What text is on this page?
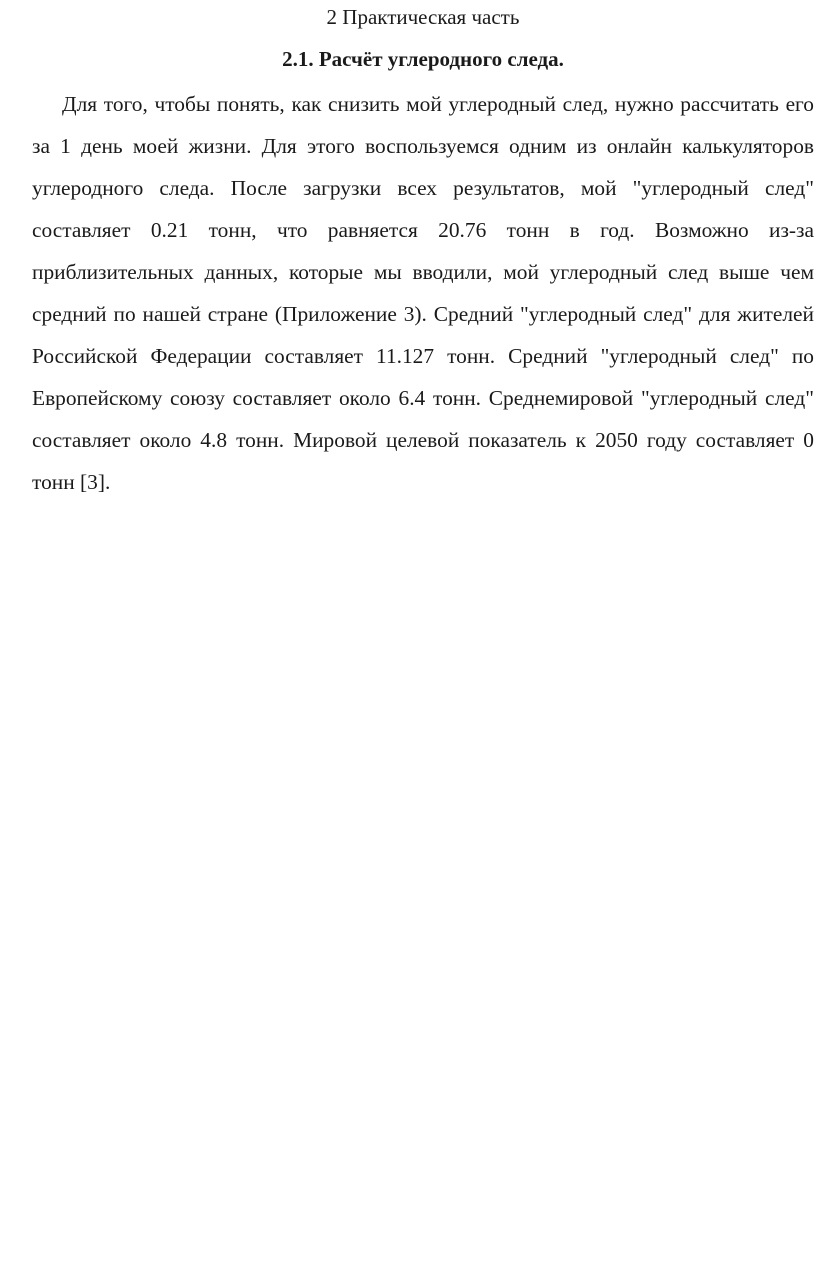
2 Практическая часть
2.1. Расчёт углеродного следа.

Для того, чтобы понять, как снизить мой углеродный след, нужно рассчитать его за 1 день моей жизни. Для этого воспользуемся одним из онлайн калькуляторов углеродного следа. После загрузки всех результатов, мой "углеродный след" составляет 0.21 тонн, что равняется 20.76 тонн в год. Возможно из-за приблизительных данных, которые мы вводили, мой углеродный след выше чем средний по нашей стране (Приложение 3). Средний "углеродный след" для жителей Российской Федерации составляет 11.127 тонн. Средний "углеродный след" по Европейскому союзу составляет около 6.4 тонн. Среднемировой "углеродный след" составляет около 4.8 тонн. Мировой целевой показатель к 2050 году составляет 0 тонн [3].
